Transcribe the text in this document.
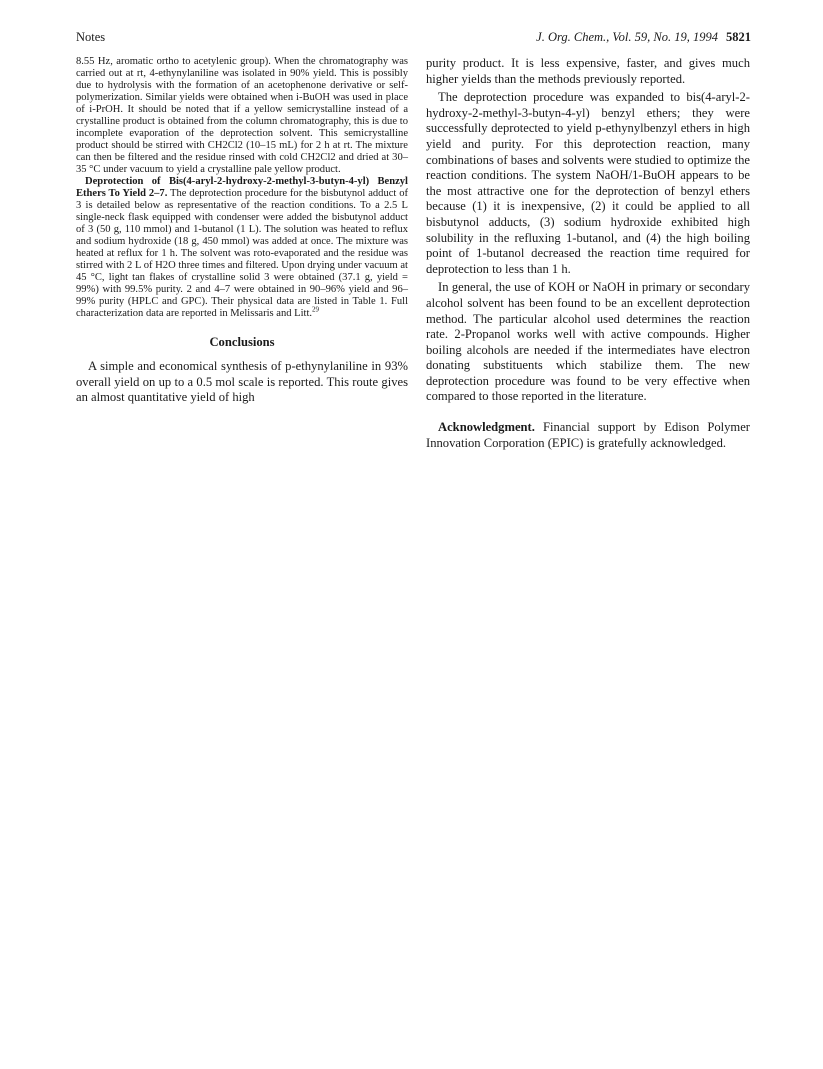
Notes	J. Org. Chem., Vol. 59, No. 19, 1994 5821

8.55 Hz, aromatic ortho to acetylenic group). When the chromatography was carried out at rt, 4-ethynylaniline was isolated in 90% yield. This is possibly due to hydrolysis with the formation of an acetophenone derivative or self-polymerization. Similar yields were obtained when i-BuOH was used in place of i-PrOH. It should be noted that if a yellow semicrystalline instead of a crystalline product is obtained from the column chromatography, this is due to incomplete evaporation of the deprotection solvent. This semicrystalline product should be stirred with CH2Cl2 (10–15 mL) for 2 h at rt. The mixture can then be filtered and the residue rinsed with cold CH2Cl2 and dried at 30–35 °C under vacuum to yield a crystalline pale yellow product.

Deprotection of Bis(4-aryl-2-hydroxy-2-methyl-3-butyn-4-yl) Benzyl Ethers To Yield 2–7. The deprotection procedure for the bisbutynol adduct of 3 is detailed below as representative of the reaction conditions. To a 2.5 L single-neck flask equipped with condenser were added the bisbutynol adduct of 3 (50 g, 110 mmol) and 1-butanol (1 L). The solution was heated to reflux and sodium hydroxide (18 g, 450 mmol) was added at once. The mixture was heated at reflux for 1 h. The solvent was roto-evaporated and the residue was stirred with 2 L of H2O three times and filtered. Upon drying under vacuum at 45 °C, light tan flakes of crystalline solid 3 were obtained (37.1 g, yield = 99%) with 99.5% purity. 2 and 4–7 were obtained in 90–96% yield and 96–99% purity (HPLC and GPC). Their physical data are listed in Table 1. Full characterization data are reported in Melissaris and Litt.$^{29}$

Conclusions

A simple and economical synthesis of p-ethynylaniline in 93% overall yield on up to a 0.5 mol scale is reported. This route gives an almost quantitative yield of high

purity product. It is less expensive, faster, and gives much higher yields than the methods previously reported.

The deprotection procedure was expanded to bis(4-aryl-2-hydroxy-2-methyl-3-butyn-4-yl) benzyl ethers; they were successfully deprotected to yield p-ethynylbenzyl ethers in high yield and purity. For this deprotection reaction, many combinations of bases and solvents were studied to optimize the reaction conditions. The system NaOH/1-BuOH appears to be the most attractive one for the deprotection of benzyl ethers because (1) it is inexpensive, (2) it could be applied to all bisbutynol adducts, (3) sodium hydroxide exhibited high solubility in the refluxing 1-butanol, and (4) the high boiling point of 1-butanol decreased the reaction time required for deprotection to less than 1 h.

In general, the use of KOH or NaOH in primary or secondary alcohol solvent has been found to be an excellent deprotection method. The particular alcohol used determines the reaction rate. 2-Propanol works well with active compounds. Higher boiling alcohols are needed if the intermediates have electron donating substituents which stabilize them. The new deprotection procedure was found to be very effective when compared to those reported in the literature.

Acknowledgment. Financial support by Edison Polymer Innovation Corporation (EPIC) is gratefully acknowledged.
